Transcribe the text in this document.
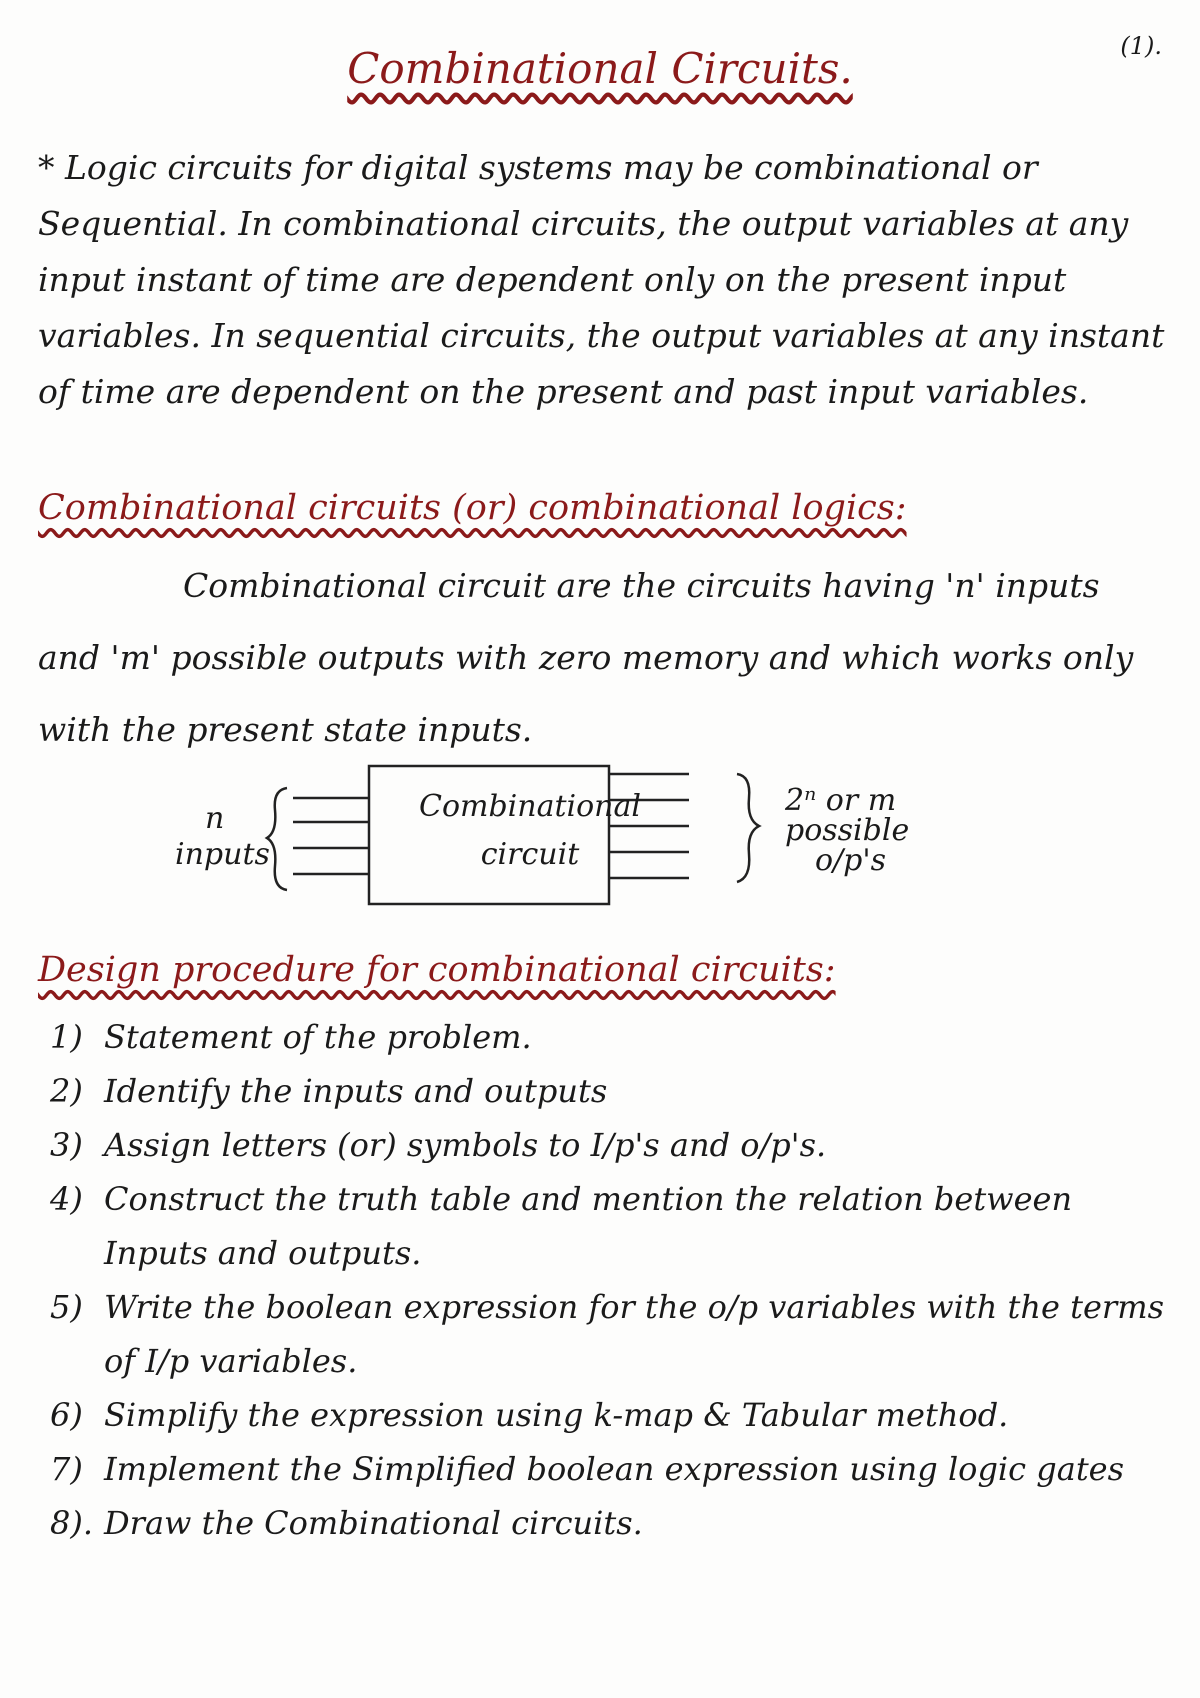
(1).
Combinational Circuits.
* Logic circuits for digital systems may be combinational or Sequential. In combinational circuits, the output variables at any input instant of time are dependent only on the present input variables. In sequential circuits, the output variables at any instant of time are dependent on the present and past input variables.
Combinational circuits (or) combinational logics:
Combinational circuit are the circuits having 'n' inputs and 'm' possible outputs with zero memory and which works only with the present state inputs.
n
inputs
Combinational
circuit
2ⁿ or m
possible
o/p's
Design procedure for combinational circuits:
1) Statement of the problem.
2) Identify the inputs and outputs
3) Assign letters (or) symbols to I/p's and o/p's.
4) Construct the truth table and mention the relation between Inputs and outputs.
5) Write the boolean expression for the o/p variables with the terms of I/p variables.
6) Simplify the expression using k-map & Tabular method.
7) Implement the Simplified boolean expression using logic gates
8). Draw the Combinational circuits.
